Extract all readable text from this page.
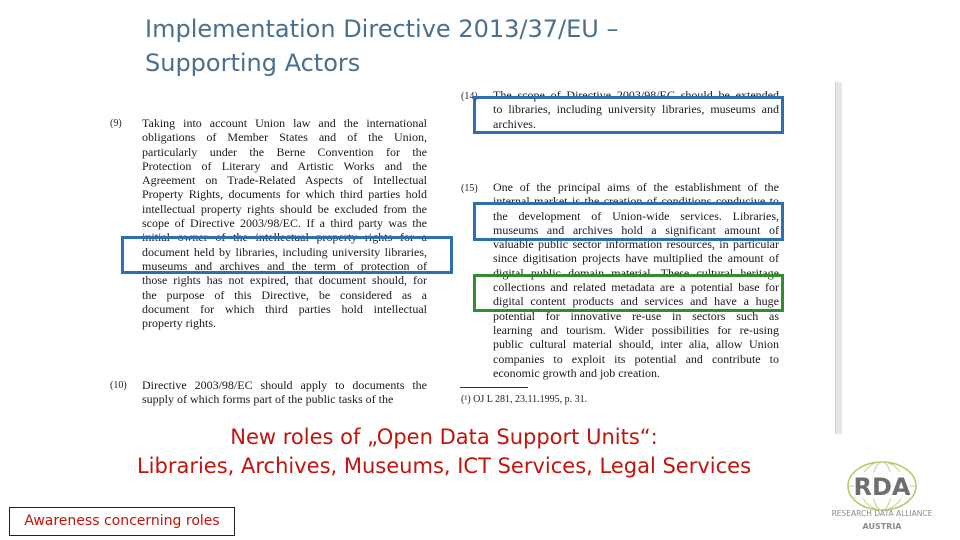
Implementation Directive 2013/37/EU –
Supporting Actors
(9) Taking into account Union law and the international
obligations of Member States and of the Union,
particularly under the Berne Convention for the
Protection of Literary and Artistic Works and the
Agreement on Trade-Related Aspects of Intellectual
Property Rights, documents for which third parties hold
intellectual property rights should be excluded from the
scope of Directive 2003/98/EC. If a third party was the
initial owner of the intellectual property rights for a
document held by libraries, including university libraries,
museums and archives and the term of protection of
those rights has not expired, that document should, for
the purpose of this Directive, be considered as a
document for which third parties hold intellectual
property rights.
(10) Directive 2003/98/EC should apply to documents the
supply of which forms part of the public tasks of the
(14) The scope of Directive 2003/98/EC should be extended
to libraries, including university libraries, museums and
archives.
(15) One of the principal aims of the establishment of the
internal market is the creation of conditions conducive to
the development of Union-wide services. Libraries,
museums and archives hold a significant amount of
valuable public sector information resources, in particular
since digitisation projects have multiplied the amount of
digital public domain material. These cultural heritage
collections and related metadata are a potential base for
digital content products and services and have a huge
potential for innovative re-use in sectors such as
learning and tourism. Wider possibilities for re-using
public cultural material should, inter alia, allow Union
companies to exploit its potential and contribute to
economic growth and job creation.
(¹) OJ L 281, 23.11.1995, p. 31.
New roles of „Open Data Support Units“:
Libraries, Archives, Museums, ICT Services, Legal Services
Awareness concerning roles
RDA
RESEARCH DATA ALLIANCE
AUSTRIA
